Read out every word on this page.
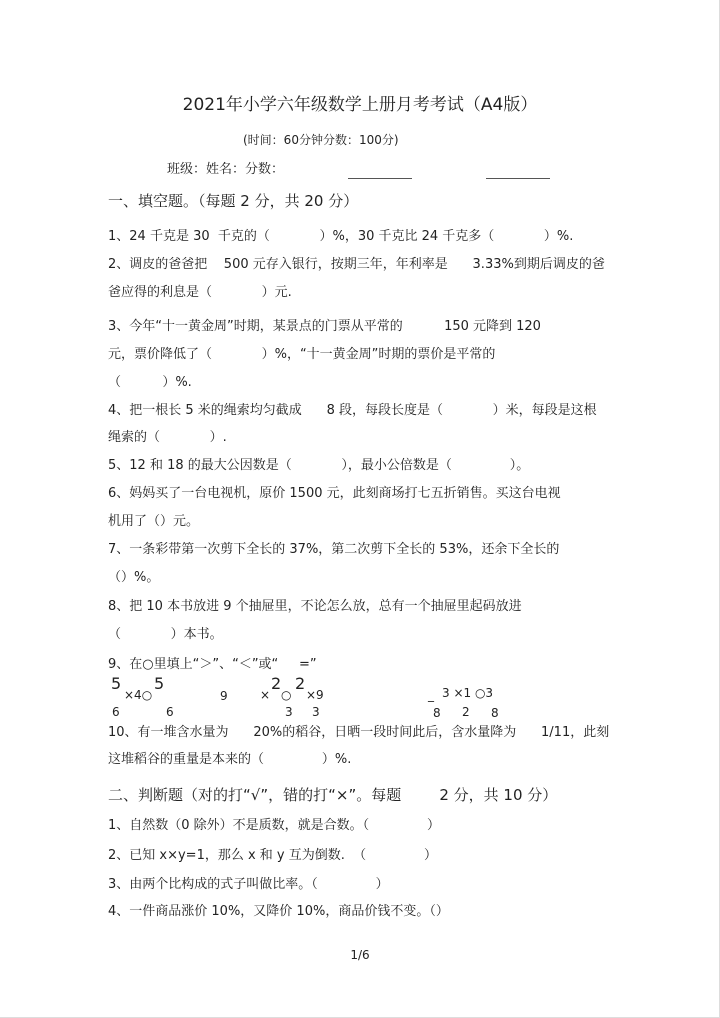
2021年小学六年级数学上册月考考试（A4版）
(时间：60分钟分数：100分)
班级：姓名：分数：
一、填空题。（每题 2 分，共 20 分）
1、24 千克是 30  千克的（            ）%，30 千克比 24 千克多（            ）%.
2、调皮的爸爸把    500 元存入银行，按期三年，年利率是      3.33%到期后调皮的爸
爸应得的利息是（            ）元.
3、今年“十一黄金周”时期，某景点的门票从平常的          150 元降到 120
元，票价降低了（            ）%，“十一黄金周”时期的票价是平常的
（          ）%.
4、把一根长 5 米的绳索均匀截成      8 段，每段长度是（            ）米，每段是这根
绳索的（            ）.
5、12 和 18 的最大公因数是（            ），最小公倍数是（              ）。
6、妈妈买了一台电视机，原价 1500 元，此刻商场打七五折销售。买这台电视
机用了（）元。
7、一条彩带第一次剪下全长的 37%，第二次剪下全长的 53%，还余下全长的
（）%。
8、把 10 本书放进 9 个抽屉里，不论怎么放，总有一个抽屉里起码放进
（            ）本书。
9、在○里填上“＞”、“＜”或“     =”
5
×4○
5
6	6
9	×
2
○
2
×9
3 3
_ 3 ×1 ○3
8 2 8
10、有一堆含水量为      20%的稻谷，日晒一段时间此后，含水量降为      1/11，此刻
这堆稻谷的重量是本来的（              ）%.
二、判断题（对的打“√”，错的打“×”。每题        2 分，共 10 分）
1、自然数（0 除外）不是质数，就是合数。（              ）
2、已知 x×y=1，那么 x 和 y 互为倒数.  （              ）
3、由两个比构成的式子叫做比率。（              ）
4、一件商品涨价 10%，又降价 10%，商品价钱不变。（）
1/6
